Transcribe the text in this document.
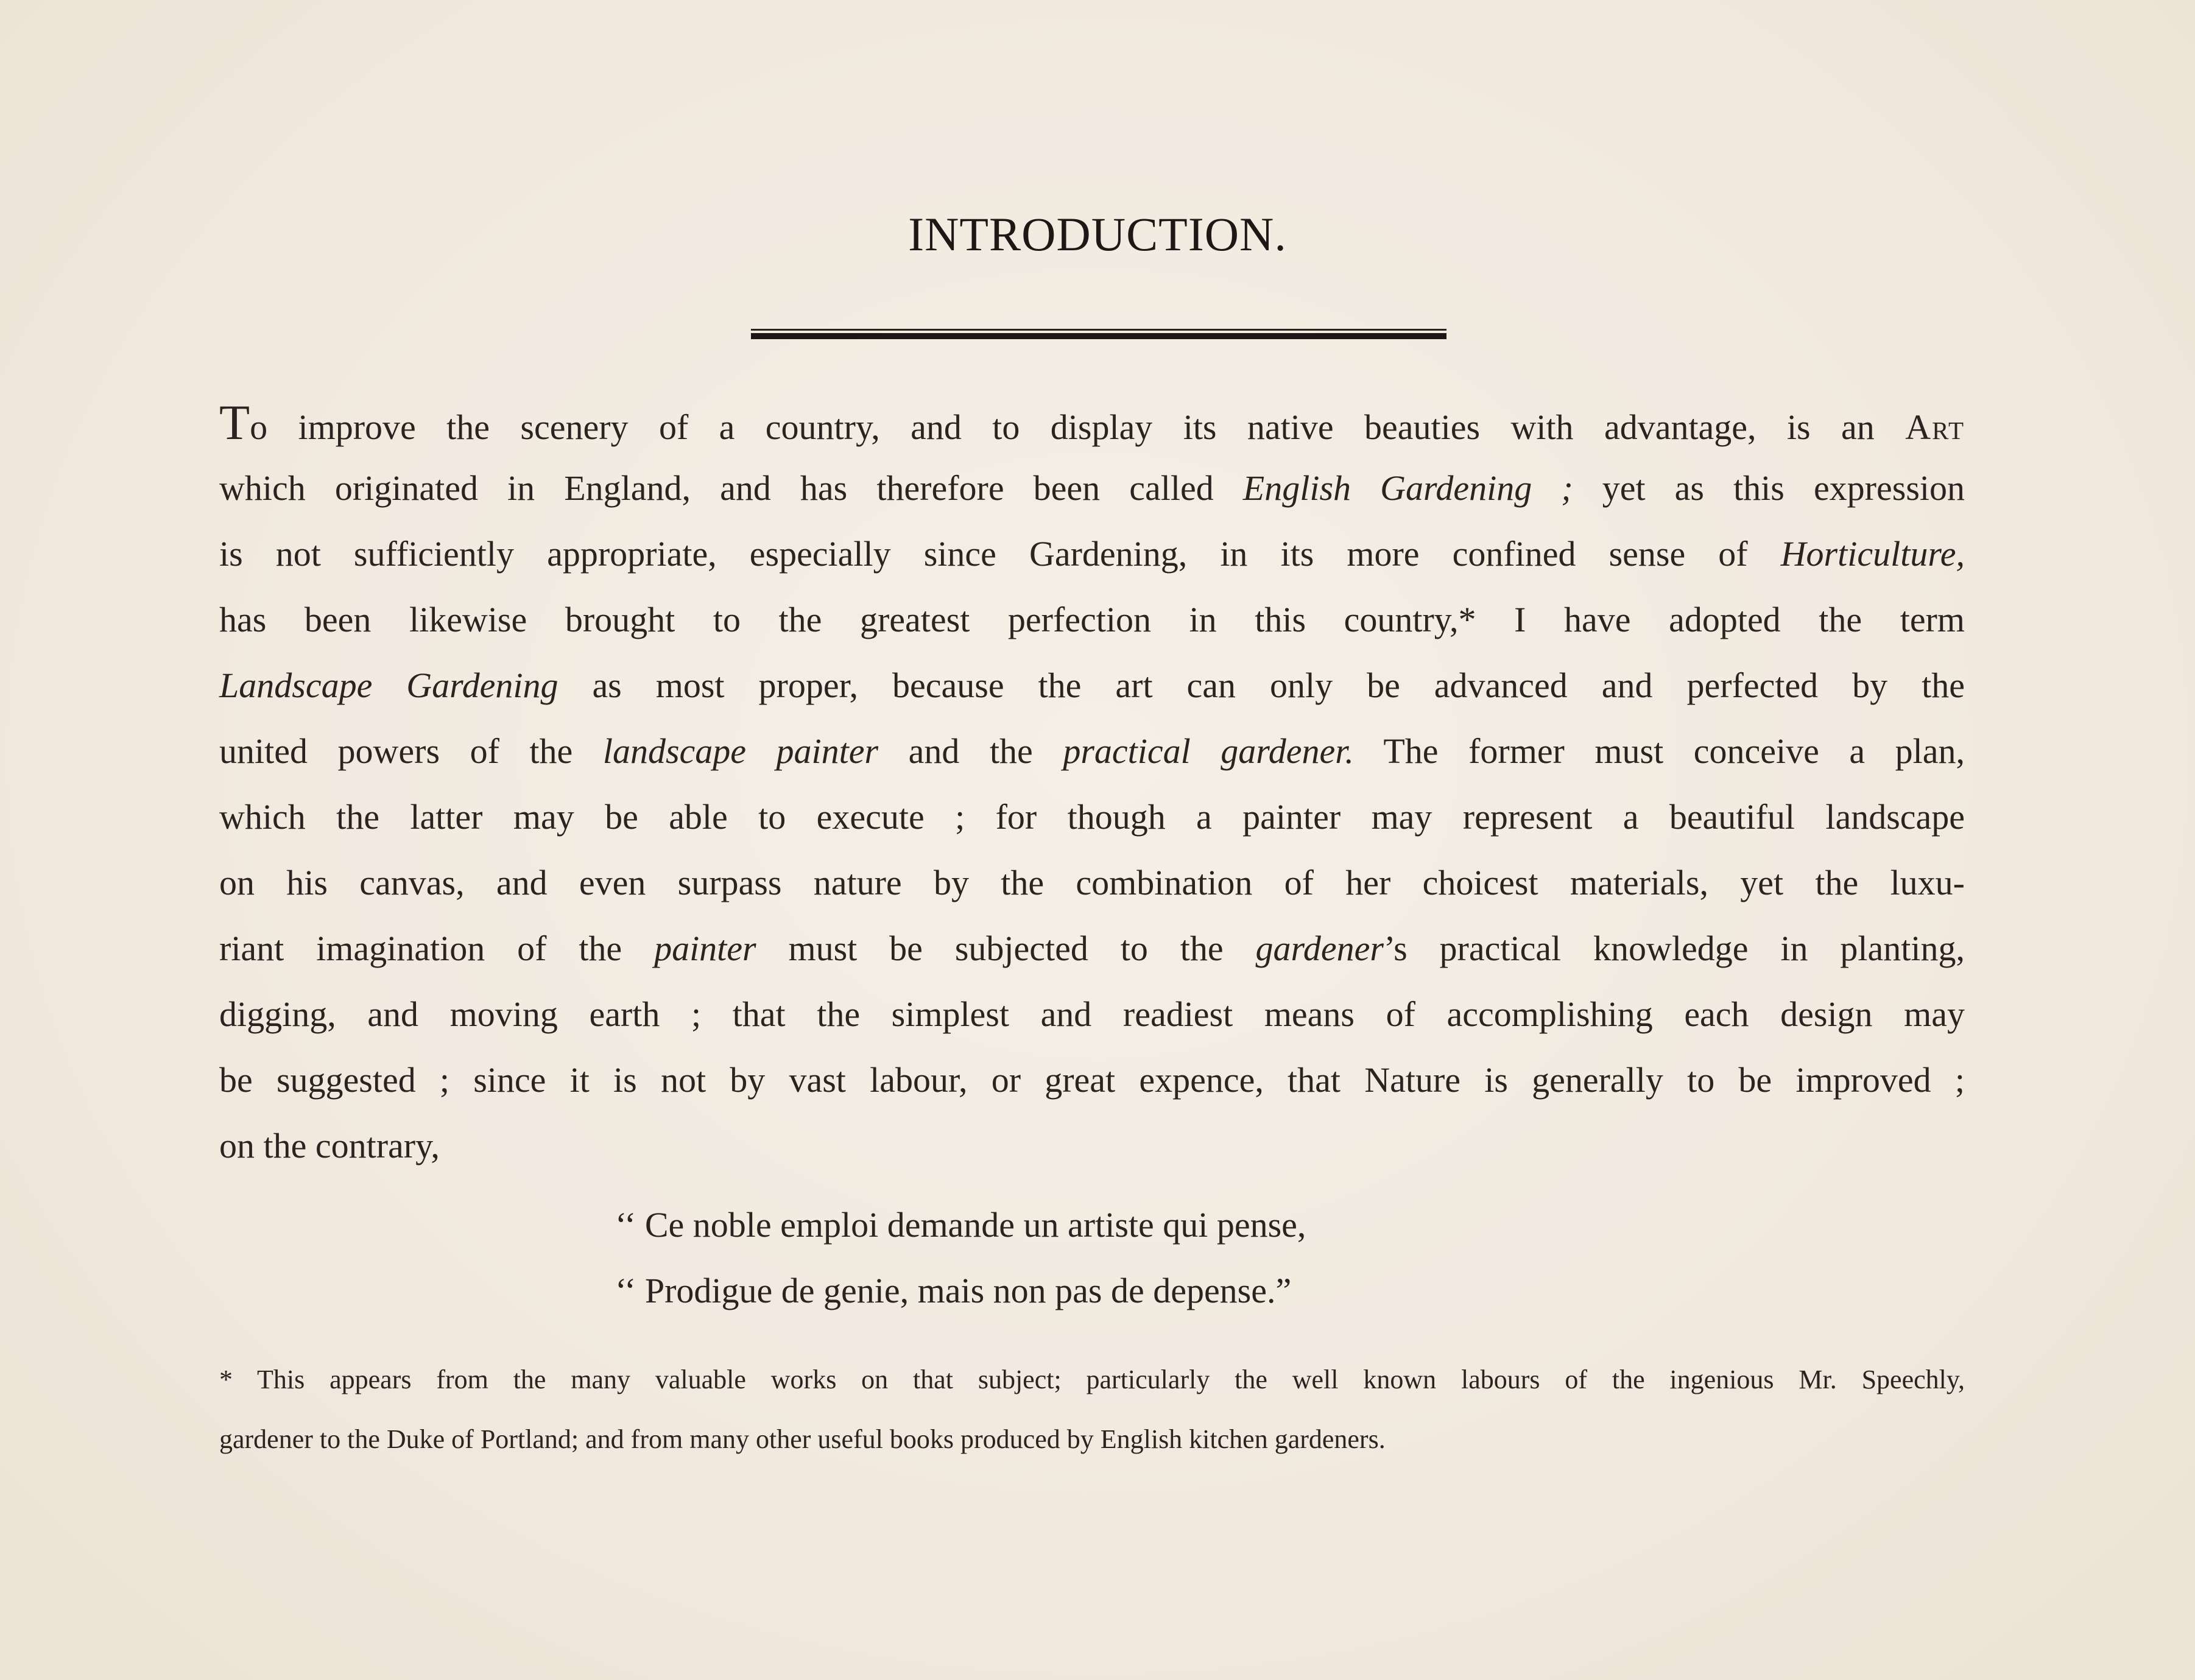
INTRODUCTION.
To improve the scenery of a country, and to display its native beauties with advantage, is an Art
which originated in England, and has therefore been called English Gardening ; yet as this expression
is not sufficiently appropriate, especially since Gardening, in its more confined sense of Horticulture,
has been likewise brought to the greatest perfection in this country,* I have adopted the term
Landscape Gardening as most proper, because the art can only be advanced and perfected by the
united powers of the landscape painter and the practical gardener. The former must conceive a plan,
which the latter may be able to execute ; for though a painter may represent a beautiful landscape
on his canvas, and even surpass nature by the combination of her choicest materials, yet the luxu-
riant imagination of the painter must be subjected to the gardener’s practical knowledge in planting,
digging, and moving earth ; that the simplest and readiest means of accomplishing each design may
be suggested ; since it is not by vast labour, or great expence, that Nature is generally to be improved ;
on the contrary,
‘‘ Ce noble emploi demande un artiste qui pense,
‘‘ Prodigue de genie, mais non pas de depense.”
* This appears from the many valuable works on that subject; particularly the well known labours of the ingenious Mr. Speechly,
gardener to the Duke of Portland; and from many other useful books produced by English kitchen gardeners.
